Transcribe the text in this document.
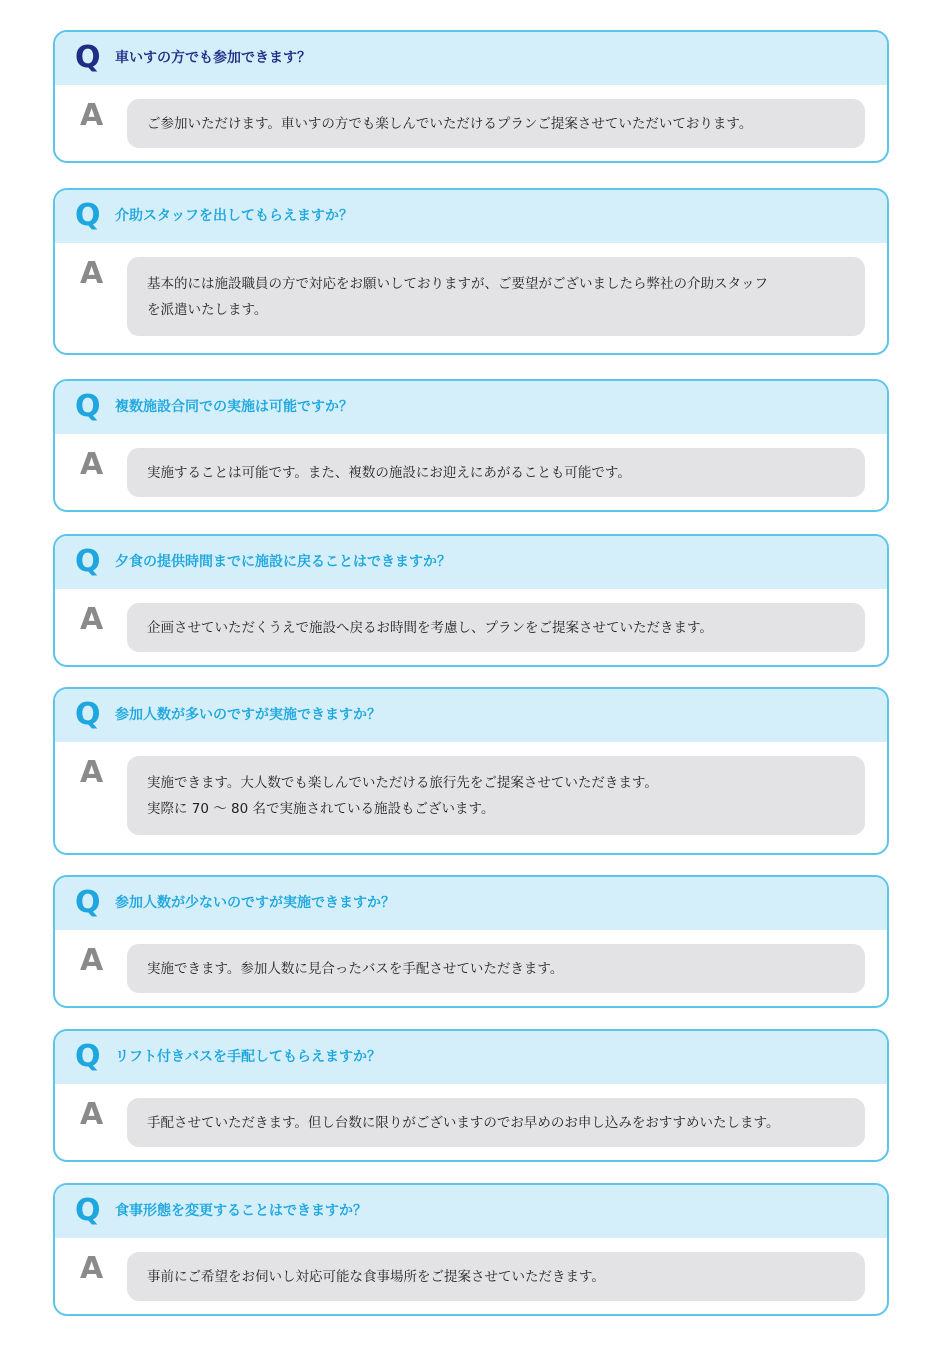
Q 車いすの方でも参加できます？
A	ご参加いただけます。車いすの方でも楽しんでいただけるプランご提案させていただいております。
Q 介助スタッフを出してもらえますか？
A	基本的には施設職員の方で対応をお願いしておりますが、ご要望がございましたら弊社の介助スタッフ
を派遣いたします。
Q 複数施設合同での実施は可能ですか？
A	実施することは可能です。また、複数の施設にお迎えにあがることも可能です。
Q 夕食の提供時間までに施設に戻ることはできますか？
A	企画させていただくうえで施設へ戻るお時間を考慮し、プランをご提案させていただきます。
Q 参加人数が多いのですが実施できますか？
A	実施できます。大人数でも楽しんでいただける旅行先をご提案させていただきます。
実際に 70 ～ 80 名で実施されている施設もございます。
Q 参加人数が少ないのですが実施できますか？
A	実施できます。参加人数に見合ったバスを手配させていただきます。
Q リフト付きバスを手配してもらえますか？
A	手配させていただきます。但し台数に限りがございますのでお早めのお申し込みをおすすめいたします。
Q 食事形態を変更することはできますか？
A	事前にご希望をお伺いし対応可能な食事場所をご提案させていただきます。
